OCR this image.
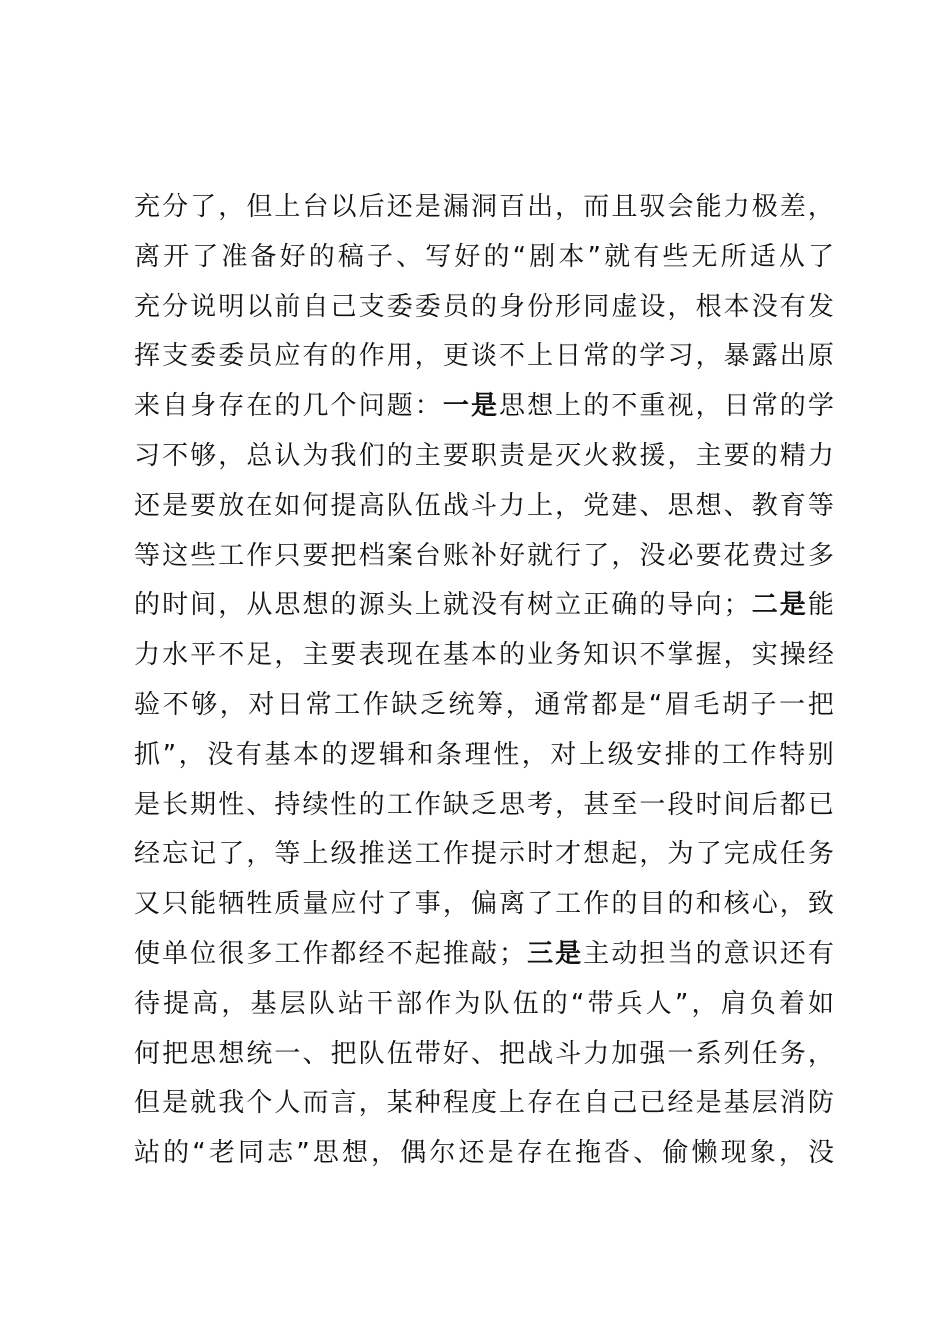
充 分 了 ， 但 上 台 以 后 还 是 漏 洞 百 出 ， 而 且 驭 会 能 力 极 差 ，
离 开 了 准 备 好 的 稿 子 、 写 好 的 “ 剧 本 ” 就 有 些 无 所 适 从 了
充 分 说 明 以 前 自 己 支 委 委 员 的 身 份 形 同 虚 设 ， 根 本 没 有 发
挥 支 委 委 员 应 有 的 作 用 ， 更 谈 不 上 日 常 的 学 习 ， 暴 露 出 原
来 自 身 存 在 的 几 个 问 题 ： 一 是 思 想 上 的 不 重 视 ， 日 常 的 学
习 不 够 ， 总 认 为 我 们 的 主 要 职 责 是 灭 火 救 援 ， 主 要 的 精 力
还 是 要 放 在 如 何 提 高 队 伍 战 斗 力 上 ， 党 建 、 思 想 、 教 育 等
等 这 些 工 作 只 要 把 档 案 台 账 补 好 就 行 了 ， 没 必 要 花 费 过 多
的 时 间 ， 从 思 想 的 源 头 上 就 没 有 树 立 正 确 的 导 向 ； 二 是 能
力 水 平 不 足 ， 主 要 表 现 在 基 本 的 业 务 知 识 不 掌 握 ， 实 操 经
验 不 够 ， 对 日 常 工 作 缺 乏 统 筹 ， 通 常 都 是 “ 眉 毛 胡 子 一 把
抓 ” ， 没 有 基 本 的 逻 辑 和 条 理 性 ， 对 上 级 安 排 的 工 作 特 别
是 长 期 性 、 持 续 性 的 工 作 缺 乏 思 考 ， 甚 至 一 段 时 间 后 都 已
经 忘 记 了 ， 等 上 级 推 送 工 作 提 示 时 才 想 起 ， 为 了 完 成 任 务
又 只 能 牺 牲 质 量 应 付 了 事 ， 偏 离 了 工 作 的 目 的 和 核 心 ， 致
使 单 位 很 多 工 作 都 经 不 起 推 敲 ； 三 是 主 动 担 当 的 意 识 还 有
待 提 高 ， 基 层 队 站 干 部 作 为 队 伍 的 “ 带 兵 人 ” ， 肩 负 着 如
何 把 思 想 统 一 、 把 队 伍 带 好 、 把 战 斗 力 加 强 一 系 列 任 务 ，
但 是 就 我 个 人 而 言 ， 某 种 程 度 上 存 在 自 己 已 经 是 基 层 消 防
站 的 “ 老 同 志 ” 思 想 ， 偶 尔 还 是 存 在 拖 沓 、 偷 懒 现 象 ， 没
